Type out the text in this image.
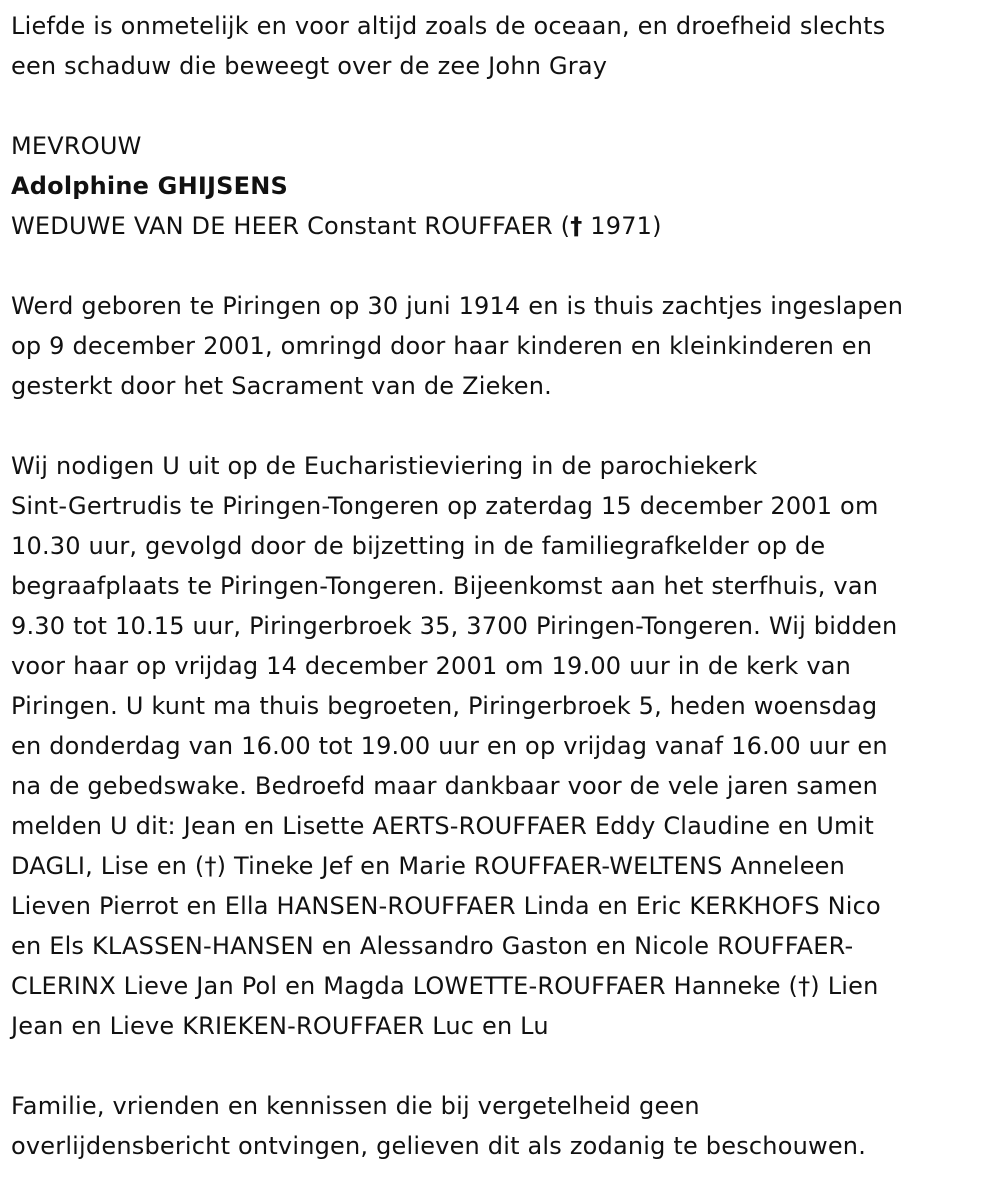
Liefde is onmetelijk en voor altijd zoals de oceaan, en droefheid slechts
een schaduw die beweegt over de zee John Gray
MEVROUW
Adolphine GHIJSENS
WEDUWE VAN DE HEER Constant ROUFFAER († 1971)
Werd geboren te Piringen op 30 juni 1914 en is thuis zachtjes ingeslapen
op 9 december 2001, omringd door haar kinderen en kleinkinderen en
gesterkt door het Sacrament van de Zieken.
Wij nodigen U uit op de Eucharistieviering in de parochiekerk
Sint-Gertrudis te Piringen-Tongeren op zaterdag 15 december 2001 om
10.30 uur, gevolgd door de bijzetting in de familiegrafkelder op de
begraafplaats te Piringen-Tongeren. Bijeenkomst aan het sterfhuis, van
9.30 tot 10.15 uur, Piringerbroek 35, 3700 Piringen-Tongeren. Wij bidden
voor haar op vrijdag 14 december 2001 om 19.00 uur in de kerk van
Piringen. U kunt ma thuis begroeten, Piringerbroek 5, heden woensdag
en donderdag van 16.00 tot 19.00 uur en op vrijdag vanaf 16.00 uur en
na de gebedswake. Bedroefd maar dankbaar voor de vele jaren samen
melden U dit: Jean en Lisette AERTS-ROUFFAER Eddy Claudine en Umit
DAGLI, Lise en (†) Tineke Jef en Marie ROUFFAER-WELTENS Anneleen
Lieven Pierrot en Ella HANSEN-ROUFFAER Linda en Eric KERKHOFS Nico
en Els KLASSEN-HANSEN en Alessandro Gaston en Nicole ROUFFAER-
CLERINX Lieve Jan Pol en Magda LOWETTE-ROUFFAER Hanneke (†) Lien
Jean en Lieve KRIEKEN-ROUFFAER Luc en Lu
Familie, vrienden en kennissen die bij vergetelheid geen
overlijdensbericht ontvingen, gelieven dit als zodanig te beschouwen.
